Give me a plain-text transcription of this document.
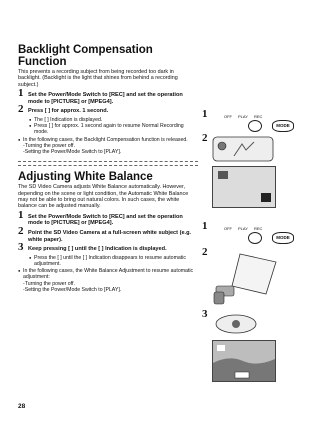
Backlight Compensation Function
This prevents a recording subject from being recorded too dark in backlight. (Backlight is the light that shines from behind a recording subject.)
1 Set the Power/Mode Switch to [REC] and set the operation mode to [PICTURE] or [MPEG4].
2 Press [ ] for approx. 1 second.
● The [ ] Indication is displayed.
● Press [ ] for approx. 1 second again to resume Normal Recording mode.
● In the following cases, the Backlight Compensation function is released.
-Turning the power off.
-Setting the Power/Mode Switch to [PLAY].
Adjusting White Balance
The SD Video Camera adjusts White Balance automatically. However, depending on the scene or light condition, the Automatic White Balance may not be able to bring out natural colors. In such cases, the white balance can be adjusted manually.
1 Set the Power/Mode Switch to [REC] and set the operation mode to [PICTURE] or [MPEG4].
2 Point the SD Video Camera at a full-screen white subject (e.g. white paper).
3 Keep pressing [ ] until the [ ] Indication is displayed.
● Press the [ ] until the [ ] Indication disappears to resume automatic adjustment.
● In the following cases, the White Balance Adjustment to resume automatic adjustment:
-Turning the power off.
-Setting the Power/Mode Switch to [PLAY].
28
1	OFF PLAY REC
MODE
2
1	OFF PLAY REC
MODE
2
3
